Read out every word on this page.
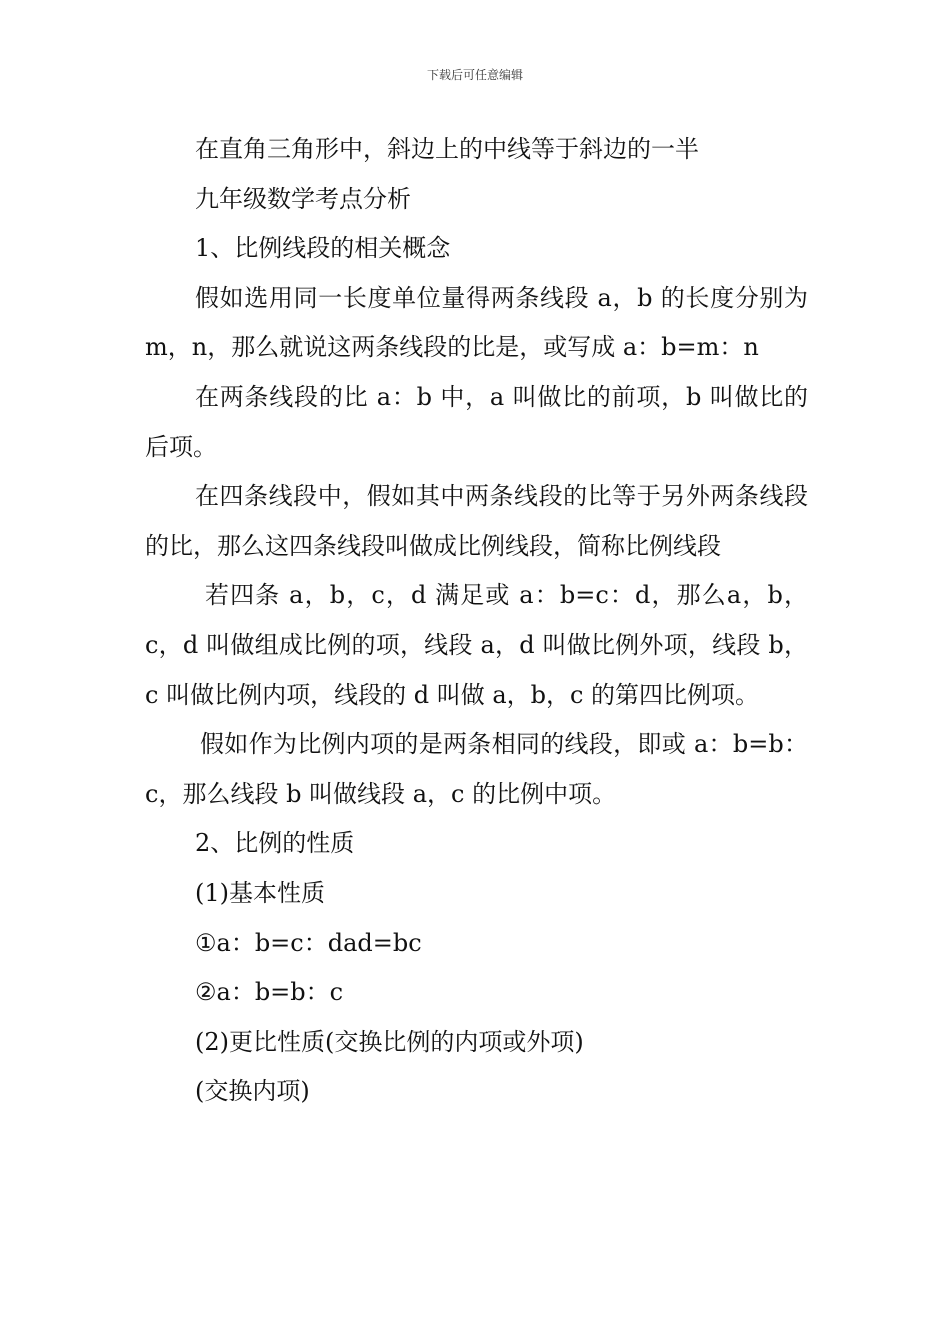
下载后可任意编辑

在直角三角形中，斜边上的中线等于斜边的一半

九年级数学考点分析

1、比例线段的相关概念

假如选用同一长度单位量得两条线段 a，b 的长度分别为m，n，那么就说这两条线段的比是，或写成 a：b=m：n

在两条线段的比 a：b 中，a 叫做比的前项，b 叫做比的后项。

在四条线段中，假如其中两条线段的比等于另外两条线段的比，那么这四条线段叫做成比例线段，简称比例线段

若四条 a，b，c，d 满足或 a：b=c：d，那么a，b，c，d 叫做组成比例的项，线段 a，d 叫做比例外项，线段 b，c 叫做比例内项，线段的 d 叫做 a，b，c 的第四比例项。

假如作为比例内项的是两条相同的线段，即或 a：b=b：c，那么线段 b 叫做线段 a，c 的比例中项。

2、比例的性质

(1)基本性质

①a：b=c：dad=bc

②a：b=b：c

(2)更比性质(交换比例的内项或外项)

(交换内项)
